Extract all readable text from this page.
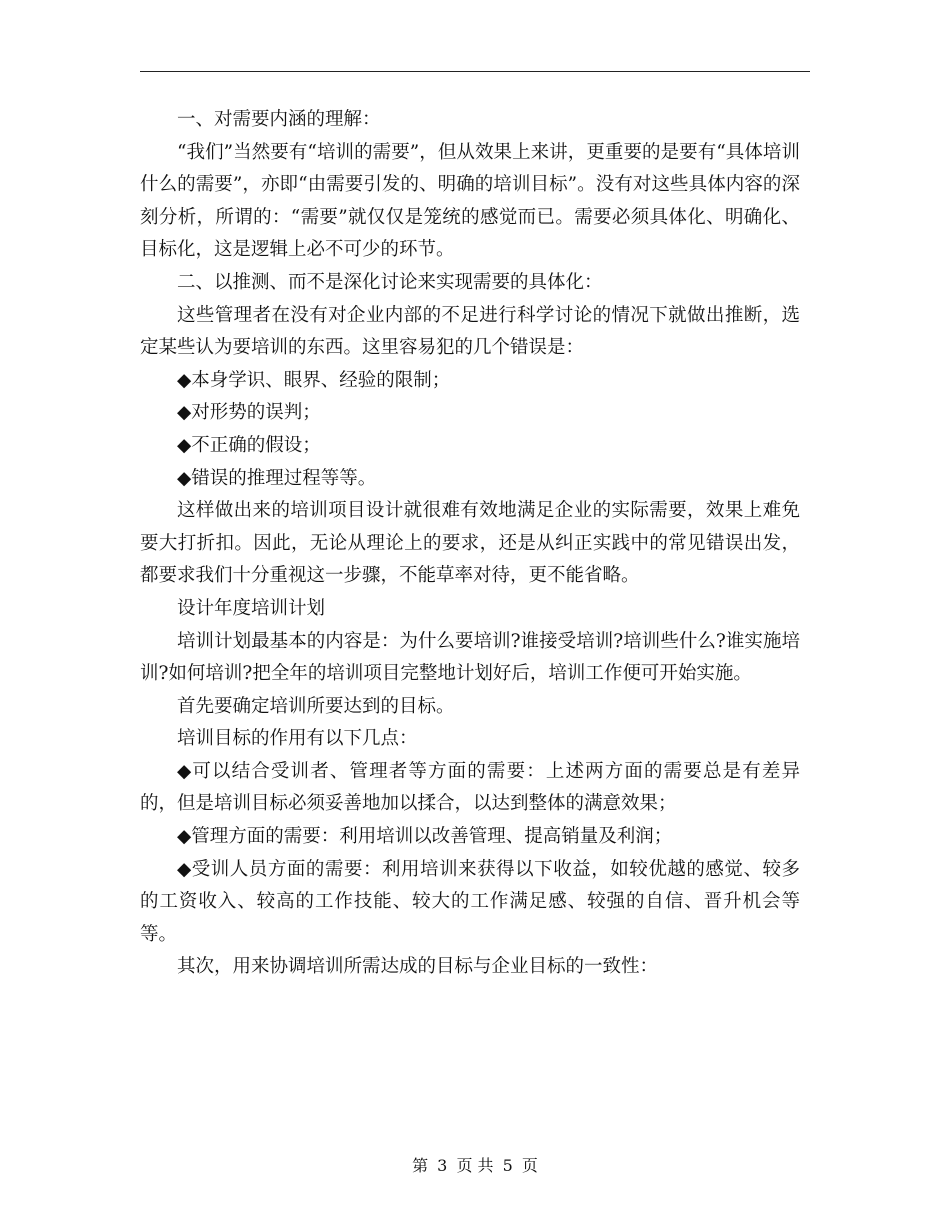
一、对需要内涵的理解：

“我们”当然要有“培训的需要”，但从效果上来讲，更重要的是要有“具体培训什么的需要”，亦即“由需要引发的、明确的培训目标”。没有对这些具体内容的深刻分析，所谓的：“需要”就仅仅是笼统的感觉而已。需要必须具体化、明确化、目标化，这是逻辑上必不可少的环节。

二、以推测、而不是深化讨论来实现需要的具体化：

这些管理者在没有对企业内部的不足进行科学讨论的情况下就做出推断，选定某些认为要培训的东西。这里容易犯的几个错误是：

◆本身学识、眼界、经验的限制；

◆对形势的误判；

◆不正确的假设；

◆错误的推理过程等等。

这样做出来的培训项目设计就很难有效地满足企业的实际需要，效果上难免要大打折扣。因此，无论从理论上的要求，还是从纠正实践中的常见错误出发，都要求我们十分重视这一步骤，不能草率对待，更不能省略。

设计年度培训计划

培训计划最基本的内容是：为什么要培训?谁接受培训?培训些什么?谁实施培训?如何培训?把全年的培训项目完整地计划好后，培训工作便可开始实施。

首先要确定培训所要达到的目标。

培训目标的作用有以下几点：

◆可以结合受训者、管理者等方面的需要：上述两方面的需要总是有差异的，但是培训目标必须妥善地加以揉合，以达到整体的满意效果；

◆管理方面的需要：利用培训以改善管理、提高销量及利润；

◆受训人员方面的需要：利用培训来获得以下收益，如较优越的感觉、较多的工资收入、较高的工作技能、较大的工作满足感、较强的自信、晋升机会等等。

其次，用来协调培训所需达成的目标与企业目标的一致性：

第 3 页 共 5 页
